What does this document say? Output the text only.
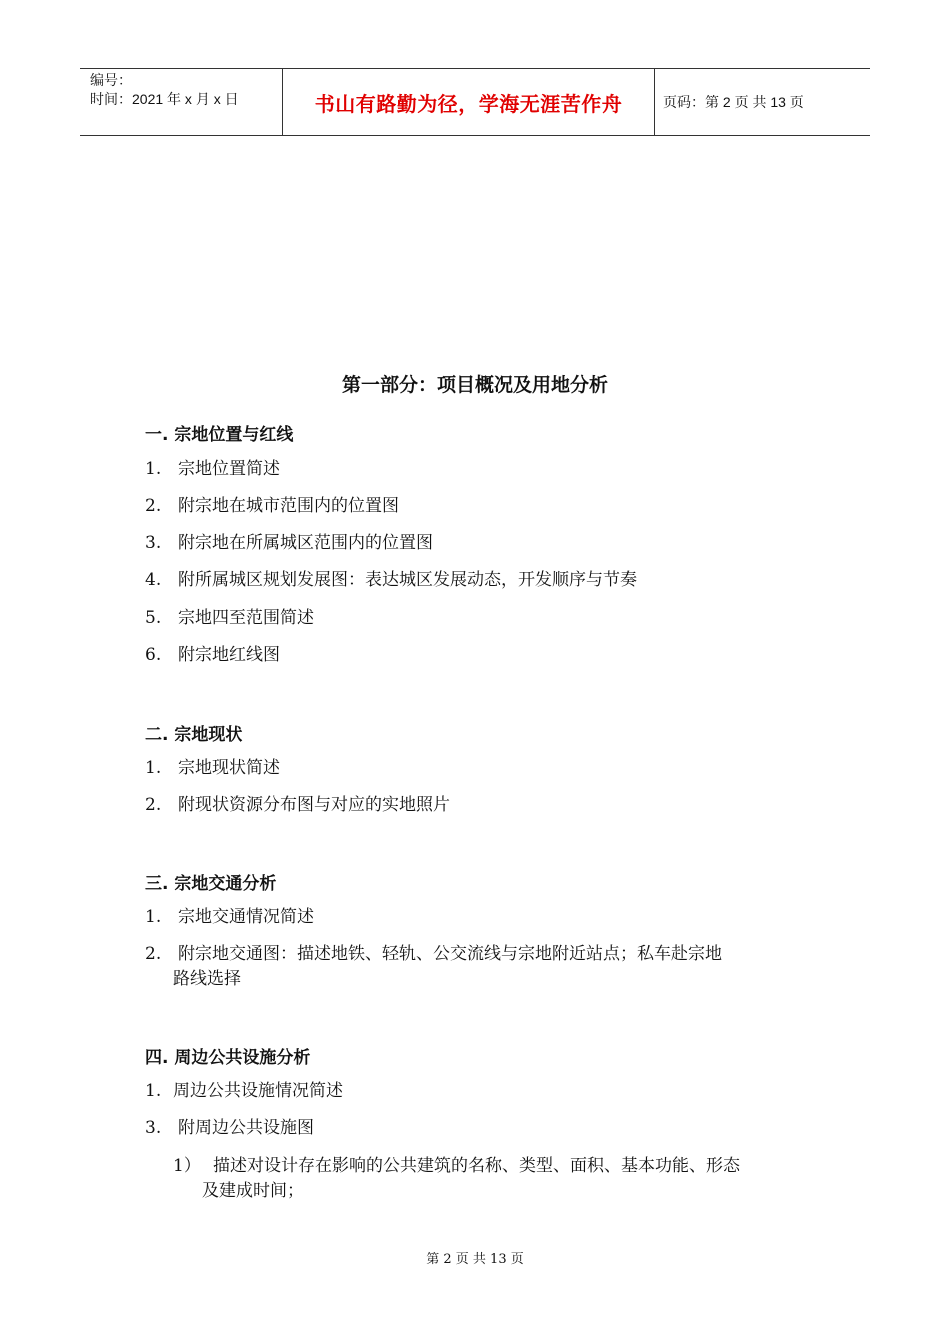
编号：
时间：2021 年 x 月 x 日	书山有路勤为径，学海无涯苦作舟	页码：第 2 页 共 13 页
第一部分：项目概况及用地分析
一. 宗地位置与红线
1. 宗地位置简述
2. 附宗地在城市范围内的位置图
3. 附宗地在所属城区范围内的位置图
4. 附所属城区规划发展图：表达城区发展动态，开发顺序与节奏
5. 宗地四至范围简述
6. 附宗地红线图
二. 宗地现状
1. 宗地现状简述
2. 附现状资源分布图与对应的实地照片
三. 宗地交通分析
1. 宗地交通情况简述
2. 附宗地交通图：描述地铁、轻轨、公交流线与宗地附近站点；私车赴宗地
路线选择
四. 周边公共设施分析
1. 周边公共设施情况简述
3. 附周边公共设施图
1） 描述对设计存在影响的公共建筑的名称、类型、面积、基本功能、形态
及建成时间；
第 2 页 共 13 页
